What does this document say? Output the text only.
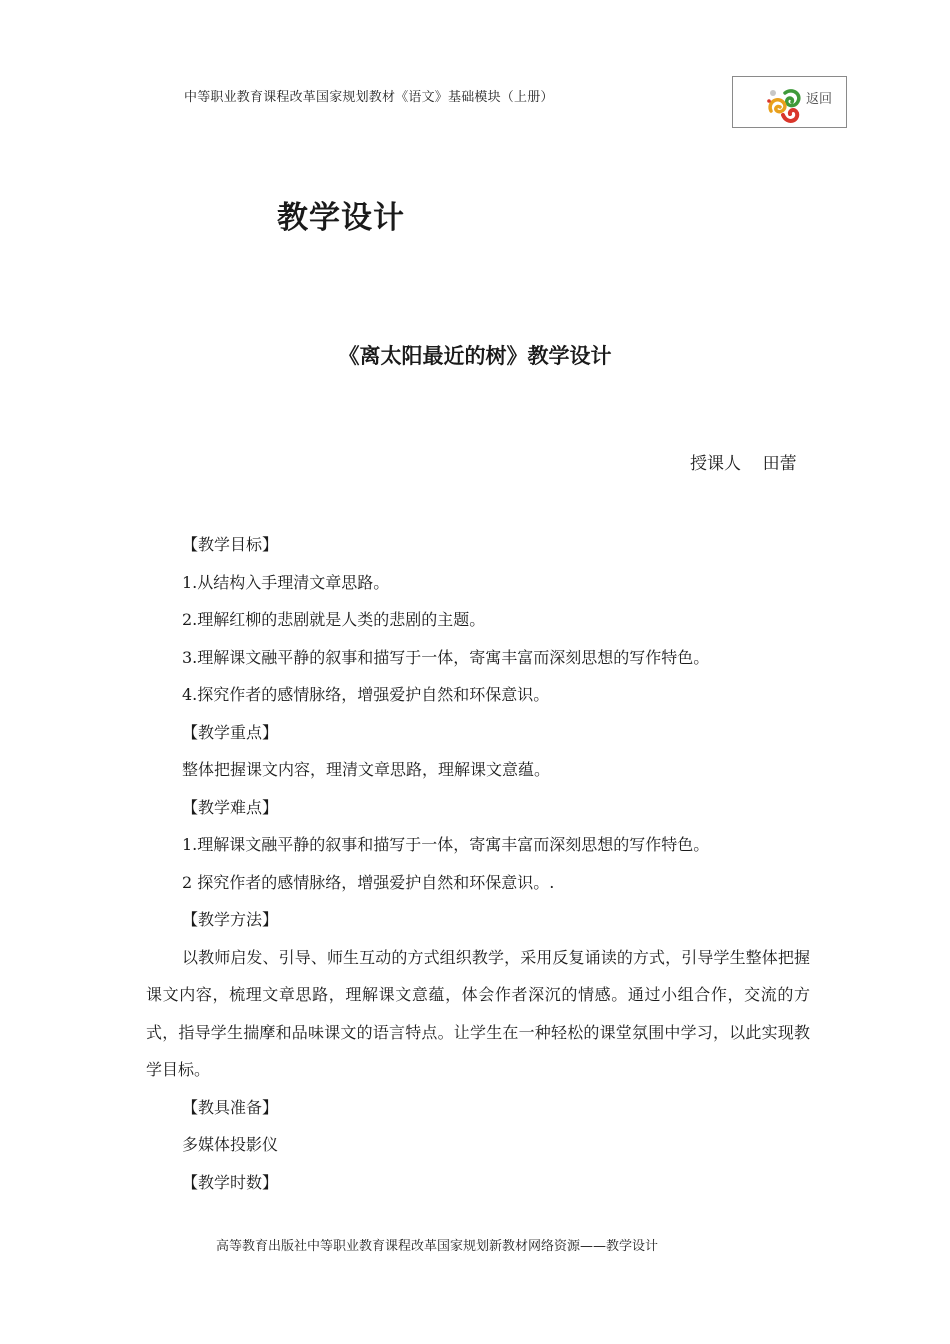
中等职业教育课程改革国家规划教材《语文》基础模块（上册）	返回
教学设计
《离太阳最近的树》教学设计
授课人    田蕾

【教学目标】

1.从结构入手理清文章思路。

2.理解红柳的悲剧就是人类的悲剧的主题。

3.理解课文融平静的叙事和描写于一体，寄寓丰富而深刻思想的写作特色。

4.探究作者的感情脉络，增强爱护自然和环保意识。

【教学重点】

整体把握课文内容，理清文章思路，理解课文意蕴。

【教学难点】

1.理解课文融平静的叙事和描写于一体，寄寓丰富而深刻思想的写作特色。

2 探究作者的感情脉络，增强爱护自然和环保意识。.

【教学方法】

以教师启发、引导、师生互动的方式组织教学，采用反复诵读的方式，引导学生整体把握课文内容，梳理文章思路，理解课文意蕴，体会作者深沉的情感。通过小组合作，交流的方式，指导学生揣摩和品味课文的语言特点。让学生在一种轻松的课堂氛围中学习，以此实现教学目标。

【教具准备】

多媒体投影仪

【教学时数】

高等教育出版社中等职业教育课程改革国家规划新教材网络资源——教学设计
